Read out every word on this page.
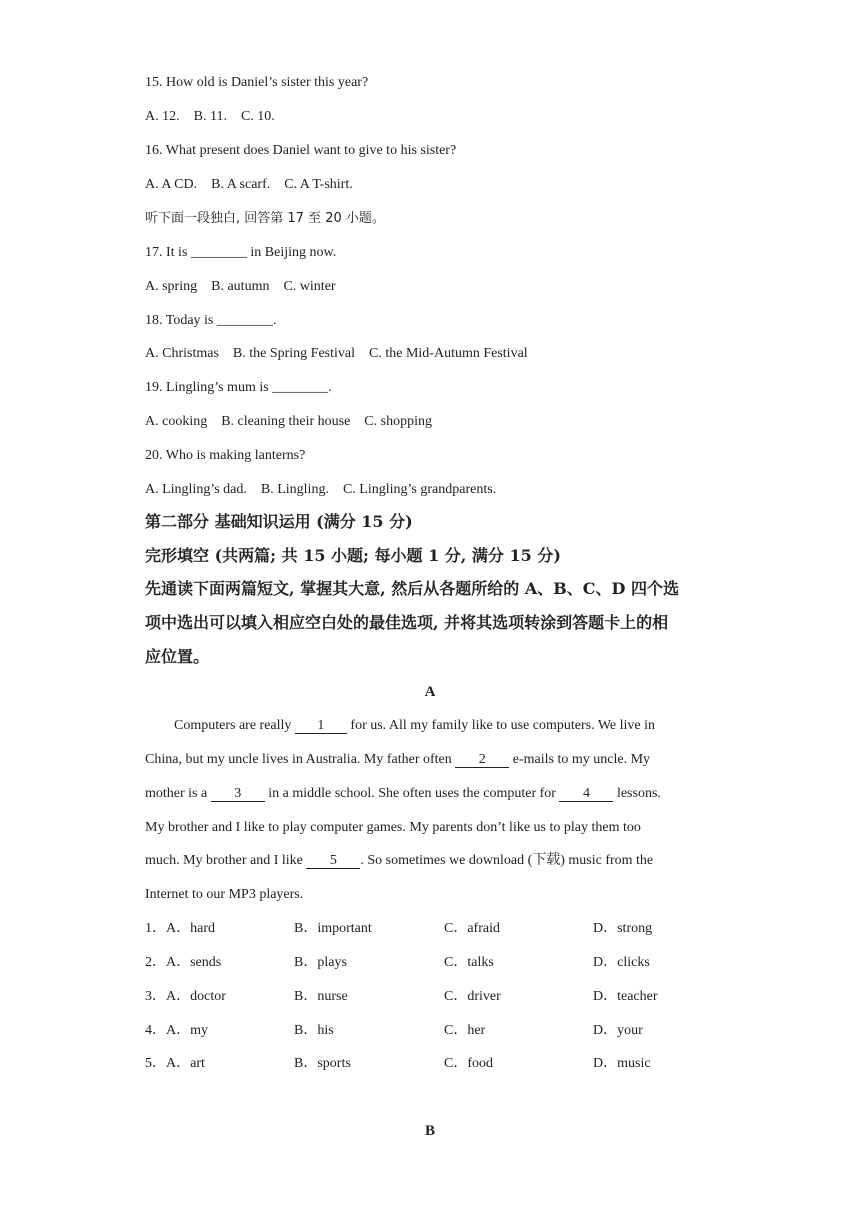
15. How old is Daniel’s sister this year?
A. 12. B. 11. C. 10.
16. What present does Daniel want to give to his sister?
A. A CD. B. A scarf. C. A T-shirt.
听下面一段独白, 回答第 17 至 20 小题。
17. It is ________ in Beijing now.
A. spring B. autumn C. winter
18. Today is ________.
A. Christmas B. the Spring Festival C. the Mid-Autumn Festival
19. Lingling’s mum is ________.
A. cooking B. cleaning their house C. shopping
20. Who is making lanterns?
A. Lingling’s dad. B. Lingling. C. Lingling’s grandparents.
第二部分 基础知识运用 (满分 15 分)
完形填空 (共两篇; 共 15 小题; 每小题 1 分, 满分 15 分)
先通读下面两篇短文, 掌握其大意, 然后从各题所给的 A、B、C、D 四个选
项中选出可以填入相应空白处的最佳选项, 并将其选项转涂到答题卡上的相
应位置。
A
Computers are really 1 for us. All my family like to use computers. We live in
China, but my uncle lives in Australia. My father often 2 e-mails to my uncle. My
mother is a 3 in a middle school. She often uses the computer for 4 lessons.
My brother and I like to play computer games. My parents don’t like us to play them too
much. My brother and I like 5 . So sometimes we download (下载) music from the
Internet to our MP3 players.
1．A．hard	B．important	C．afraid	D．strong
2．A．sends	B．plays	C．talks	D．clicks
3．A．doctor	B．nurse	C．driver	D．teacher
4．A．my	B．his	C．her	D．your
5．A．art	B．sports	C．food	D．music
B
